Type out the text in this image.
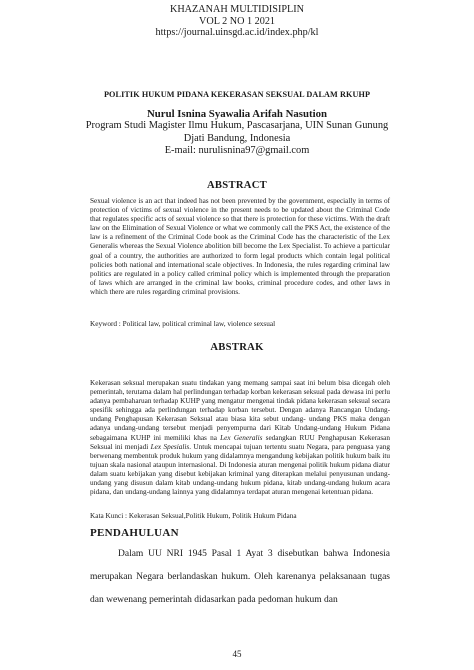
KHAZANAH MULTIDISIPLIN
VOL 2 NO 1 2021
https://journal.uinsgd.ac.id/index.php/kl
POLITIK HUKUM PIDANA KEKERASAN SEKSUAL DALAM RKUHP
Nurul Isnina Syawalia Arifah Nasution
Program Studi Magister Ilmu Hukum, Pascasarjana, UIN Sunan Gunung
Djati Bandung, Indonesia
E-mail: nurulisnina97@gmail.com
ABSTRACT
Sexual violence is an act that indeed has not been prevented by the government, especially in terms of protection of victims of sexual violence in the present needs to be updated about the Criminal Code that regulates specific acts of sexual violence so that there is protection for these victims. With the draft law on the Elimination of Sexual Violence or what we commonly call the PKS Act, the existence of the law is a refinement of the Criminal Code book as the Criminal Code has the characteristic of the Lex Generalis whereas the Sexual Violence abolition bill become the Lex Specialist. To achieve a particular goal of a country, the authorities are authorized to form legal products which contain legal political policies both national and international scale objectives. In Indonesia, the rules regarding criminal law politics are regulated in a policy called criminal policy which is implemented through the preparation of laws which are arranged in the criminal law books, criminal procedure codes, and other laws in which there are rules regarding criminal provisions.
Keyword : Political law, political criminal law, violence sexsual
ABSTRAK
Kekerasan seksual merupakan suatu tindakan yang memang sampai saat ini belum bisa dicegah oleh pemerintah, terutama dalam hal perlindungan terhadap korban kekerasan seksual pada dewasa ini perlu adanya pembaharuan terhadap KUHP yang mengatur mengenai tindak pidana kekerasan seksual secara spesifik sehingga ada perlindungan terhadap korban tersebut. Dengan adanya Rancangan Undang-undang Penghapusan Kekerasan Seksual atau biasa kita sebut undang- undang PKS maka dengan adanya undang-undang tersebut menjadi penyempurna dari Kitab Undang-undang Hukum Pidana sebagaimana KUHP ini memiliki khas na Lex Generalis sedangkan RUU Penghapusan Kekerasan Seksual ini menjadi Lex Spesialis. Untuk mencapai tujuan tertentu suatu Negara, para penguasa yang berwenang membentuk produk hukum yang didalamnya mengandung kebijakan politik hukum baik itu tujuan skala nasional ataupun internasional. Di Indonesia aturan mengenai politik hukum pidana diatur dalam suatu kebijakan yang disebut kebijakan kriminal yang diterapkan melalui penyusunan undang-undang yang disusun dalam kitab undang-undang hukum pidana, kitab undang-undang hukum acara pidana, dan undang-undang lainnya yang didalamnya terdapat aturan mengenai ketentuan pidana.
Kata Kunci : Kekerasan Seksual,Politik Hukum, Politik Hukum Pidana
PENDAHULUAN
Dalam UU NRI 1945 Pasal 1 Ayat 3 disebutkan bahwa Indonesia merupakan Negara berlandaskan hukum. Oleh karenanya pelaksanaan tugas dan wewenang pemerintah didasarkan pada pedoman hukum dan
45
